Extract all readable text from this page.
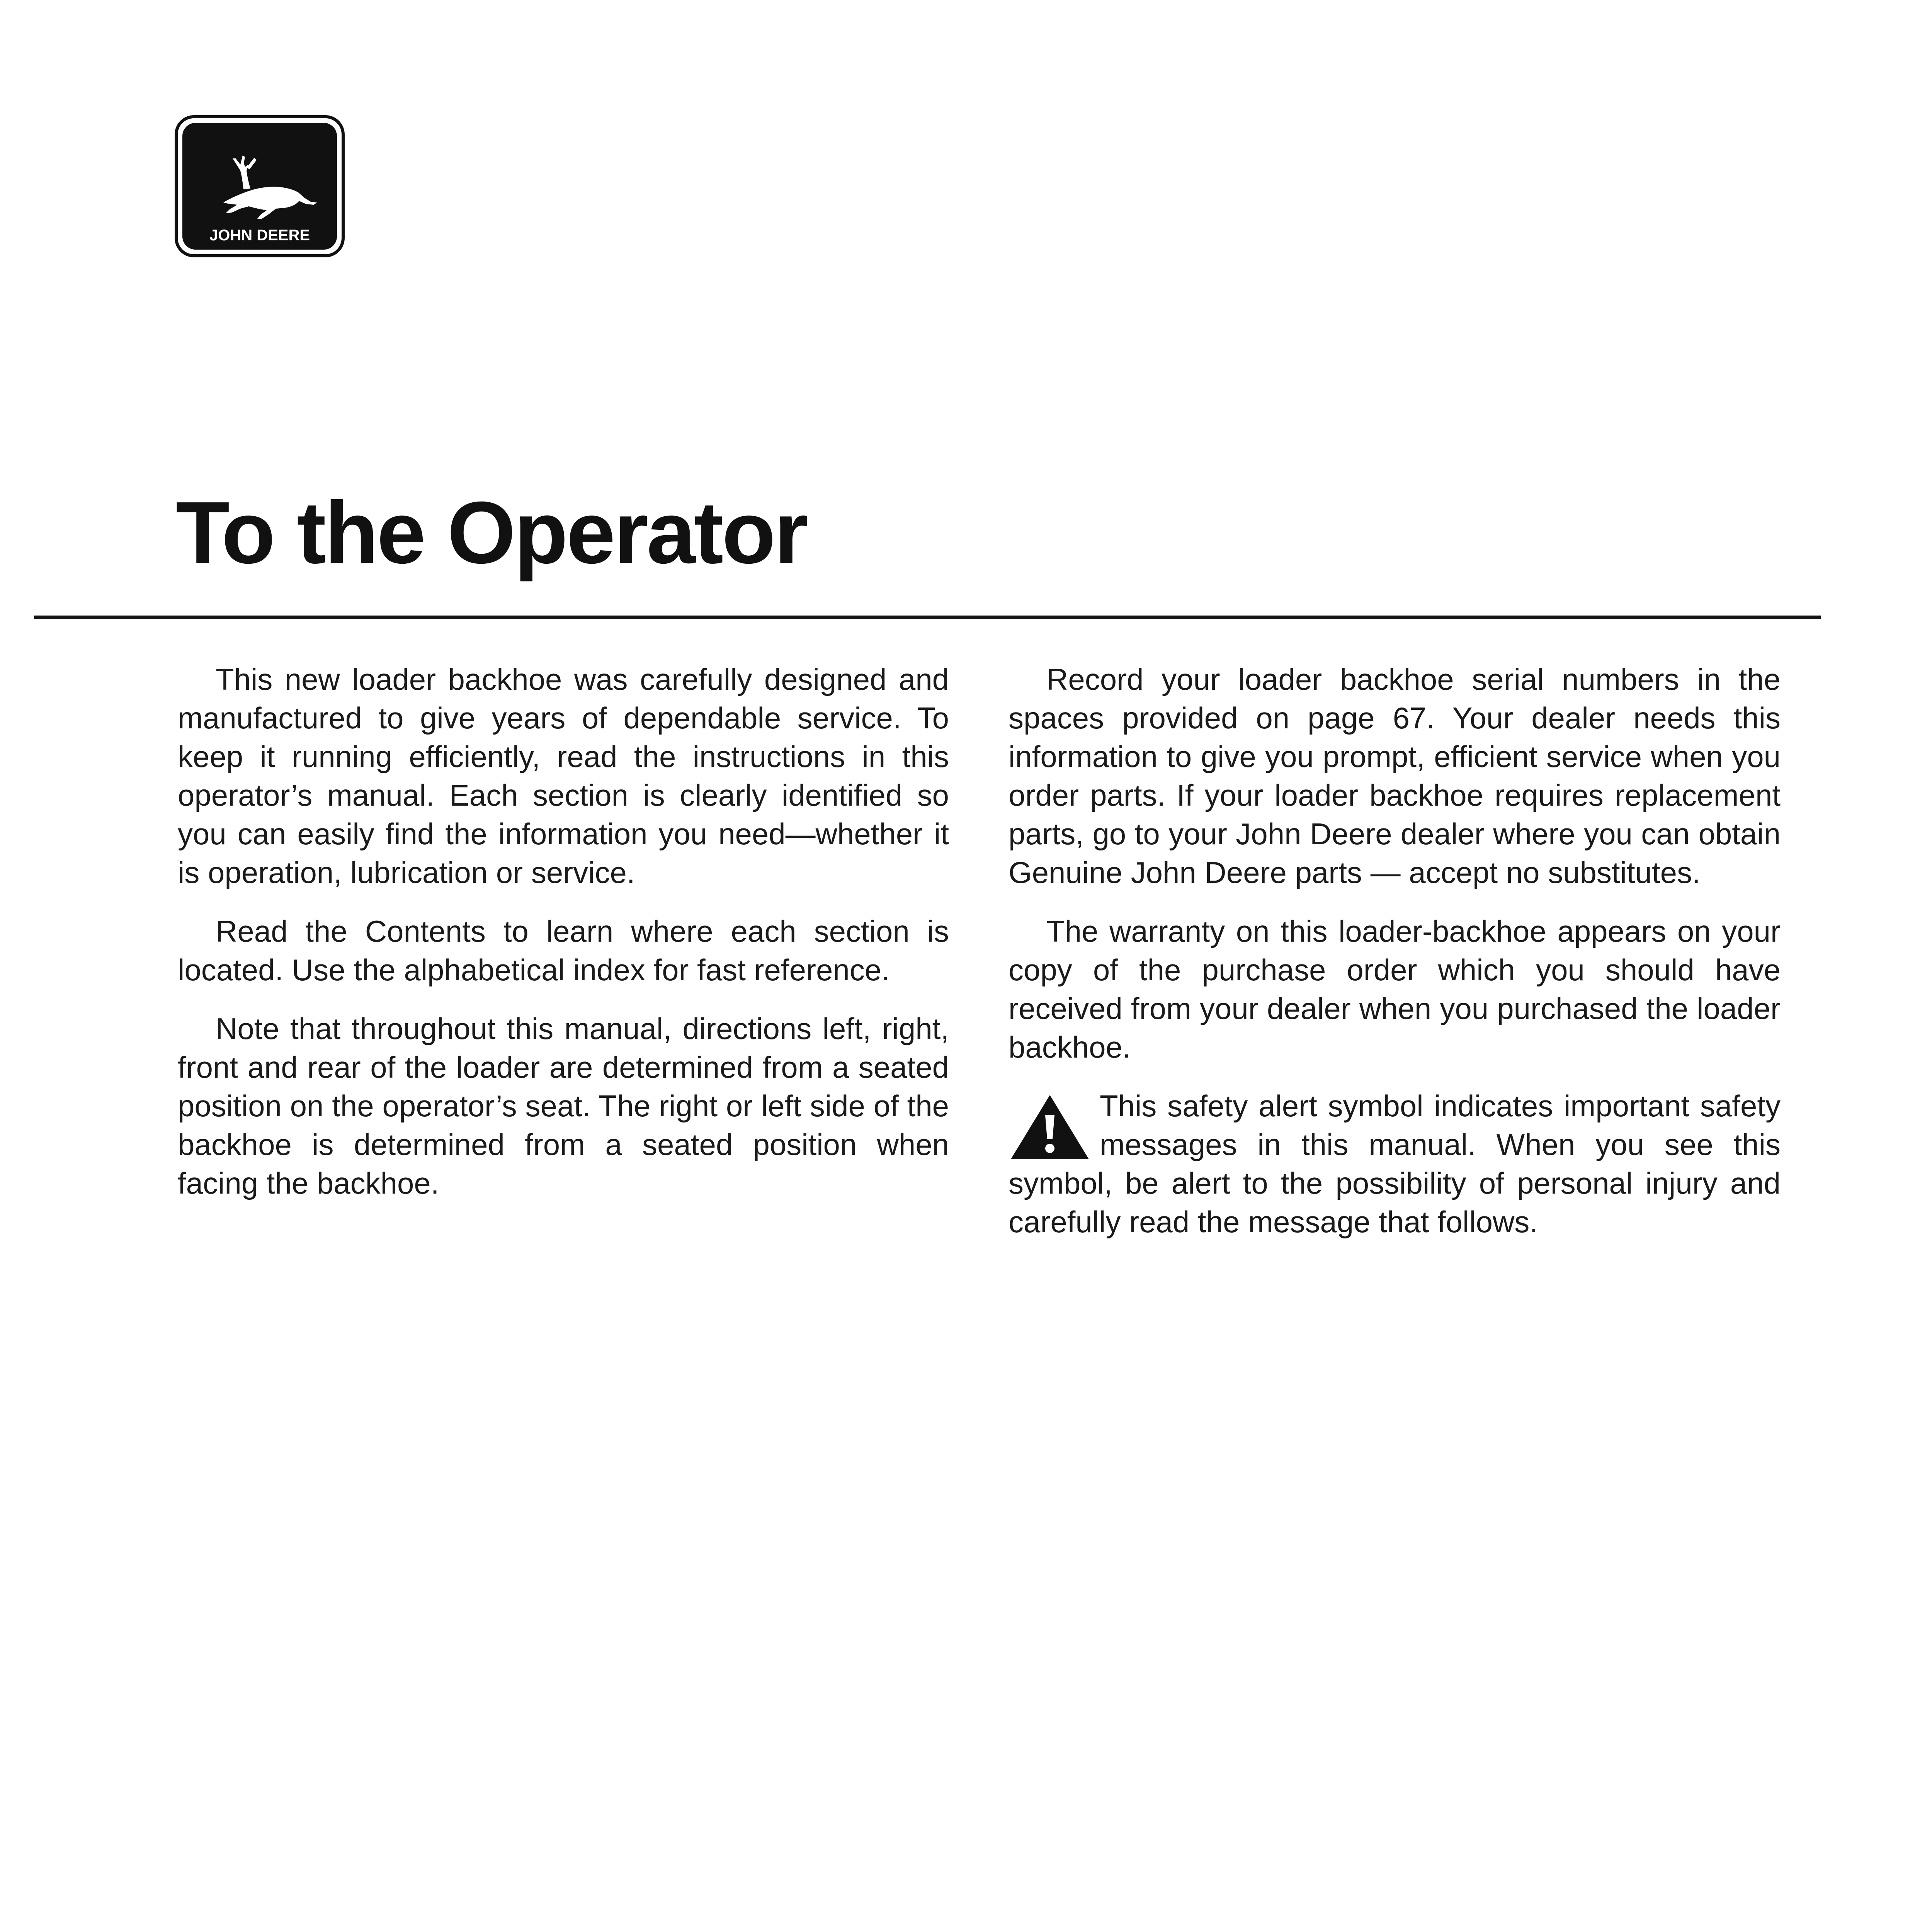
JOHN DEERE
To the Operator

This new loader backhoe was carefully designed and manufactured to give years of dependable service. To keep it running efficiently, read the instructions in this operator’s manual. Each section is clearly identified so you can easily find the information you need—whether it is operation, lubrication or service.

Read the Contents to learn where each section is located. Use the alphabetical index for fast reference.

Note that throughout this manual, directions left, right, front and rear of the loader are determined from a seated position on the operator’s seat. The right or left side of the backhoe is determined from a seated position when facing the backhoe.

Record your loader backhoe serial numbers in the spaces provided on page 67. Your dealer needs this information to give you prompt, efficient service when you order parts. If your loader backhoe requires replacement parts, go to your John Deere dealer where you can obtain Genuine John Deere parts — accept no substitutes.

The warranty on this loader-backhoe appears on your copy of the purchase order which you should have received from your dealer when you purchased the loader backhoe.

This safety alert symbol indicates important safety messages in this manual. When you see this symbol, be alert to the possibility of personal injury and carefully read the message that follows.
